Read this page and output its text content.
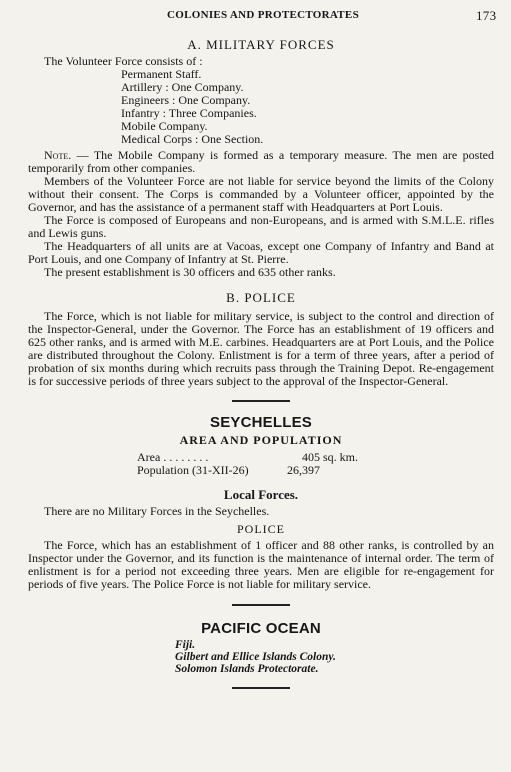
COLONIES AND PROTECTORATES	173

A. MILITARY FORCES

The Volunteer Force consists of :

Permanent Staff.
Artillery : One Company.
Engineers : One Company.
Infantry : Three Companies.
Mobile Company.
Medical Corps : One Section.

Note. — The Mobile Company is formed as a temporary measure. The men are posted temporarily from other companies.

Members of the Volunteer Force are not liable for service beyond the limits of the Colony without their consent. The Corps is commanded by a Volunteer officer, appointed by the Governor, and has the assistance of a permanent staff with Headquarters at Port Louis.

The Force is composed of Europeans and non-Europeans, and is armed with S.M.L.E. rifles and Lewis guns.

The Headquarters of all units are at Vacoas, except one Company of Infantry and Band at Port Louis, and one Company of Infantry at St. Pierre.

The present establishment is 30 officers and 635 other ranks.

B. POLICE

The Force, which is not liable for military service, is subject to the control and direction of the Inspector-General, under the Governor. The Force has an establishment of 19 officers and 625 other ranks, and is armed with M.E. carbines. Headquarters are at Port Louis, and the Police are distributed throughout the Colony. Enlistment is for a term of three years, after a period of probation of six months during which recruits pass through the Training Depot. Re-engagement is for successive periods of three years subject to the approval of the Inspector-General.

SEYCHELLES

AREA AND POPULATION

Area . . . . . . . .	405 sq. km.
Population (31-XII-26)	26,397

Local Forces.

There are no Military Forces in the Seychelles.

POLICE

The Force, which has an establishment of 1 officer and 88 other ranks, is controlled by an Inspector under the Governor, and its function is the maintenance of internal order. The term of enlistment is for a period not exceeding three years. Men are eligible for re-engagement for periods of five years. The Police Force is not liable for military service.

PACIFIC OCEAN

Fiji.
Gilbert and Ellice Islands Colony.
Solomon Islands Protectorate.
